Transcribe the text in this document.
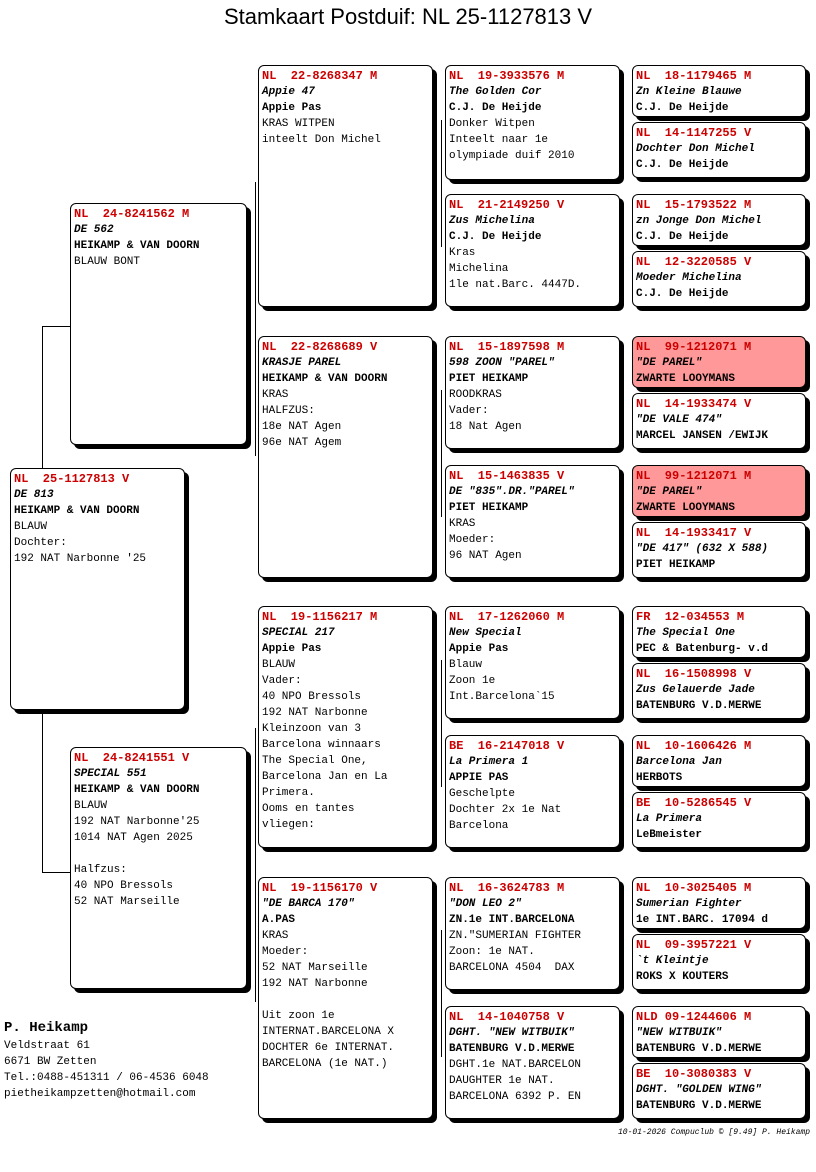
Stamkaart Postduif: NL 25-1127813 V
NL  25-1127813 V
DE 813
HEIKAMP & VAN DOORN
BLAUW
Dochter:
192 NAT Narbonne '25
NL  24-8241562 M
DE 562
HEIKAMP & VAN DOORN
BLAUW BONT
NL  24-8241551 V
SPECIAL 551
HEIKAMP & VAN DOORN
BLAUW
192 NAT Narbonne'25
1014 NAT Agen 2025
Halfzus:
40 NPO Bressols
52 NAT Marseille
NL  22-8268347 M
Appie 47
Appie Pas
KRAS WITPEN
inteelt Don Michel
NL  22-8268689 V
KRASJE PAREL
HEIKAMP & VAN DOORN
KRAS
HALFZUS:
18e NAT Agen
96e NAT Agem
NL  19-1156217 M
SPECIAL 217
Appie Pas
BLAUW
Vader:
40 NPO Bressols
192 NAT Narbonne
Kleinzoon van 3
Barcelona winnaars
The Special One,
Barcelona Jan en La
Primera.
Ooms en tantes
vliegen:
NL  19-1156170 V
"DE BARCA 170"
A.PAS
KRAS
Moeder:
52 NAT Marseille
192 NAT Narbonne
Uit zoon 1e
INTERNAT.BARCELONA X
DOCHTER 6e INTERNAT.
BARCELONA (1e NAT.)
NL  19-3933576 M
The Golden Cor
C.J. De Heijde
Donker Witpen
Inteelt naar 1e
olympiade duif 2010
NL  21-2149250 V
Zus Michelina
C.J. De Heijde
Kras
Michelina
1le nat.Barc. 4447D.
NL  15-1897598 M
598 ZOON "PAREL"
PIET HEIKAMP
ROODKRAS
Vader:
18 Nat Agen
NL  15-1463835 V
DE "835".DR."PAREL"
PIET HEIKAMP
KRAS
Moeder:
96 NAT Agen
NL  17-1262060 M
New Special
Appie Pas
Blauw
Zoon 1e
Int.Barcelona`15
BE  16-2147018 V
La Primera 1
APPIE PAS
Geschelpte
Dochter 2x 1e Nat
Barcelona
NL  16-3624783 M
"DON LEO 2"
ZN.1e INT.BARCELONA
ZN."SUMERIAN FIGHTER
Zoon: 1e NAT.
BARCELONA 4504  DAX
NL  14-1040758 V
DGHT. "NEW WITBUIK"
BATENBURG V.D.MERWE
DGHT.1e NAT.BARCELON
DAUGHTER 1e NAT.
BARCELONA 6392 P. EN
NL  18-1179465 M
Zn Kleine Blauwe
C.J. De Heijde
NL  14-1147255 V
Dochter Don Michel
C.J. De Heijde
NL  15-1793522 M
zn Jonge Don Michel
C.J. De Heijde
NL  12-3220585 V
Moeder Michelina
C.J. De Heijde
NL  99-1212071 M
"DE PAREL"
ZWARTE LOOYMANS
NL  14-1933474 V
"DE VALE 474"
MARCEL JANSEN /EWIJK
NL  99-1212071 M
"DE PAREL"
ZWARTE LOOYMANS
NL  14-1933417 V
"DE 417" (632 X 588)
PIET HEIKAMP
FR  12-034553 M
The Special One
PEC & Batenburg- v.d
NL  16-1508998 V
Zus Gelauerde Jade
BATENBURG V.D.MERWE
NL  10-1606426 M
Barcelona Jan
HERBOTS
BE  10-5286545 V
La Primera
LeBmeister
NL  10-3025405 M
Sumerian Fighter
1e INT.BARC. 17094 d
NL  09-3957221 V
`t Kleintje
ROKS X KOUTERS
NLD 09-1244606 M
"NEW WITBUIK"
BATENBURG V.D.MERWE
BE  10-3080383 V
DGHT. "GOLDEN WING"
BATENBURG V.D.MERWE
P. Heikamp
Veldstraat 61
6671 BW Zetten
Tel.:0488-451311 / 06-4536 6048
pietheikampzetten@hotmail.com
10-01-2026 Compuclub © [9.49] P. Heikamp
